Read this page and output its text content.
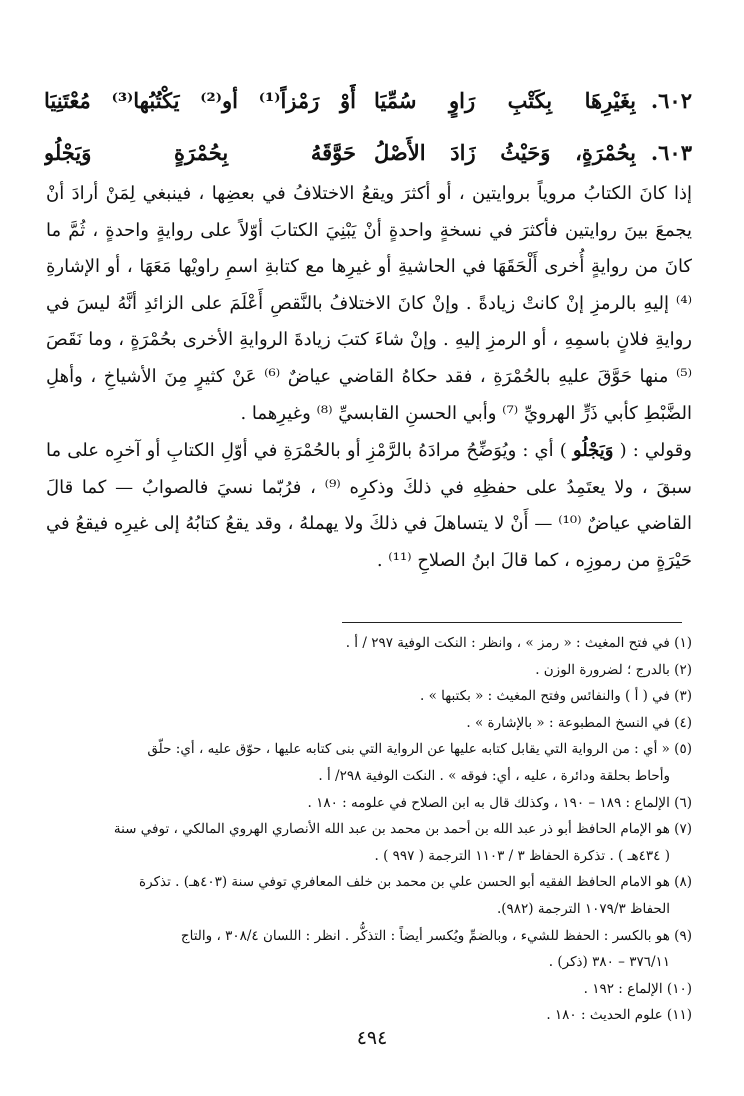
٦٠٢.
بِغَيْرِهَا بِكَتْبِ رَاوٍ سُمِّيَا
أَوْ رَمْزاً⁽¹⁾ أو⁽²⁾ يَكْتُبُها⁽³⁾ مُعْتَنِيَا
٦٠٣.
بِحُمْرَةٍ، وَحَيْثُ زَادَ الأَصْلُ
حَوَّقَهُ بِحُمْرَةٍ وَيَجْلُو

إذا كانَ الكتابُ مروياً بروايتين ، أو أكثرَ ويقعُ الاختلافُ في بعضِها ، فينبغي لِمَنْ أرادَ أنْ يجمعَ بينَ روايتين فأكثرَ في نسخةٍ واحدةٍ أنْ يَبْنِيَ الكتابَ أوّلاً على روايةٍ واحدةٍ ، ثُمَّ ما كانَ من روايةٍ أُخرى أَلْحَقَهَا في الحاشيةِ أو غيرِها مع كتابةِ اسمِ راويْها مَعَهَا ، أو الإشارةِ ⁽⁴⁾ إليهِ بالرمزِ إنْ كانتْ زيادةً . وإنْ كانَ الاختلافُ بالنَّقصِ أَعْلَمَ على الزائدِ أنَّهُ ليسَ في روايةِ فلانٍ باسمِهِ ، أو الرمزِ إليهِ . وإنْ شاءَ كتبَ زيادةَ الروايةِ الأخرى بحُمْرَةٍ ، وما نَقَصَ ⁽⁵⁾ منها حَوَّقَ عليهِ بالحُمْرَةِ ، فقد حكاهُ القاضي عياضٌ ⁽⁶⁾ عَنْ كثيرٍ مِنَ الأشياخِ ، وأهلِ الضَّبْطِ كأبي ذَرٍّ الهرويِّ ⁽⁷⁾ وأبي الحسنِ القابسيِّ ⁽⁸⁾ وغيرِهما .

وقولي : ( وَيَجْلُو ) أي : ويُوَضِّحُ مرادَهُ بالرَّمْزِ أو بالحُمْرَةِ في أوّلِ الكتابِ أو آخرِه على ما سبقَ ، ولا يعتَمِدُ على حفظِهِ في ذلكَ وذكرِه ⁽⁹⁾ ، فرُبّما نسيَ فالصوابُ — كما قالَ القاضي عياضٌ ⁽¹⁰⁾ — أَنْ لا يتساهلَ في ذلكَ ولا يهملهُ ، وقد يقعُ كتابُهُ إلى غيرِه فيقعُ في حَيْرَةٍ من رموزِه ، كما قالَ ابنُ الصلاحِ ⁽¹¹⁾ .

(١) في فتح المغيث : « رمز » ، وانظر : النكت الوفية ٢٩٧ / أ .

(٢) بالدرج ؛ لضرورة الوزن .

(٣) في ( أ ) والنفائس وفتح المغيث : « بكتبها » .

(٤) في النسخ المطبوعة : « بالإشارة » .

(٥) « أي : من الرواية التي يقابل كتابه عليها عن الرواية التي بنى كتابه عليها ، حوّق عليه ، أي: حلّق

وأحاط بحلقة ودائرة ، عليه ، أي: فوقه » . النكت الوفية ٢٩٨/ أ .

(٦) الإلماع : ١٨٩ – ١٩٠ ، وكذلك قال به ابن الصلاح في علومه : ١٨٠ .

(٧) هو الإمام الحافظ أبو ذر عبد الله بن أحمد بن محمد بن عبد الله الأنصاري الهروي المالكي ، توفي سنة

( ٤٣٤هـ ) . تذكرة الحفاظ ٣ / ١١٠٣ الترجمة ( ٩٩٧ ) .

(٨) هو الامام الحافظ الفقيه أبو الحسن علي بن محمد بن خلف المعافري توفي سنة (٤٠٣هـ) . تذكرة

الحفاظ ١٠٧٩/٣ الترجمة (٩٨٢).

(٩) هو بالكسر : الحفظ للشيء ، وبالضمِّ ويُكسر أيضاً : التذكُّر . انظر : اللسان ٣٠٨/٤ ، والتاج

٣٧٦/١١ – ٣٨٠ (ذكر) .

(١٠) الإلماع : ١٩٢ .

(١١) علوم الحديث : ١٨٠ .

٤٩٤
